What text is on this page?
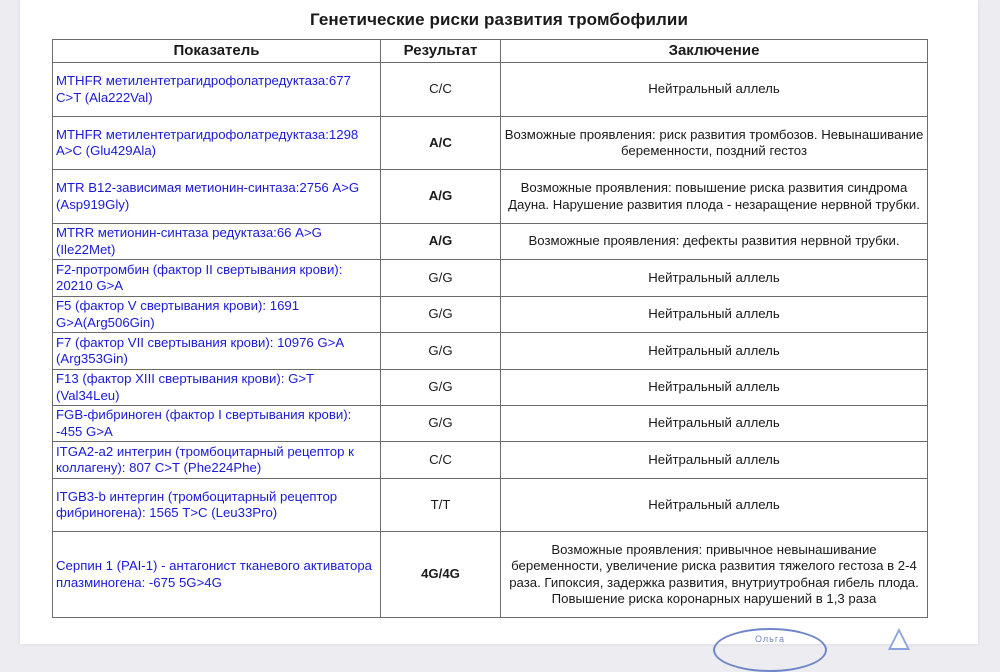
Генетические риски развития тромбофилии
Показатель	Результат	Заключение
MTHFR метилентетрагидрофолатредуктаза:677 C>T (Ala222Val)	C/C	Нейтральный аллель
MTHFR метилентетрагидрофолатредуктаза:1298 A>C (Glu429Ala)	A/C	Возможные проявления: риск развития тромбозов. Невынашивание беременности, поздний гестоз
MTR B12-зависимая метионин-синтаза:2756 A>G (Asp919Gly)	A/G	Возможные проявления: повышение риска развития синдрома Дауна. Нарушение развития плода - незаращение нервной трубки.
MTRR метионин-синтаза редуктаза:66 A>G (Ile22Met)	A/G	Возможные проявления: дефекты развития нервной трубки.
F2-протромбин (фактор II свертывания крови): 20210 G>A	G/G	Нейтральный аллель
F5 (фактор V свертывания крови): 1691 G>A(Arg506Gin)	G/G	Нейтральный аллель
F7 (фактор VII свертывания крови): 10976 G>A (Arg353Gin)	G/G	Нейтральный аллель
F13 (фактор XIII свертывания крови): G>T (Val34Leu)	G/G	Нейтральный аллель
FGB-фибриноген (фактор I свертывания крови): -455 G>A	G/G	Нейтральный аллель
ITGA2-a2 интегрин (тромбоцитарный рецептор к коллагену): 807 C>T (Phe224Phe)	C/C	Нейтральный аллель
ITGB3-b интергин (тромбоцитарный рецептор фибриногена): 1565 T>C (Leu33Pro)	T/T	Нейтральный аллель
Серпин 1 (PAI-1) - антагонист тканевого активатора плазминогена: -675 5G>4G	4G/4G	Возможные проявления: привычное невынашивание беременности, увеличение риска развития тяжелого гестоза в 2-4 раза. Гипоксия, задержка развития, внутриутробная гибель плода. Повышение риска коронарных нарушений в 1,3 раза
Ольга
